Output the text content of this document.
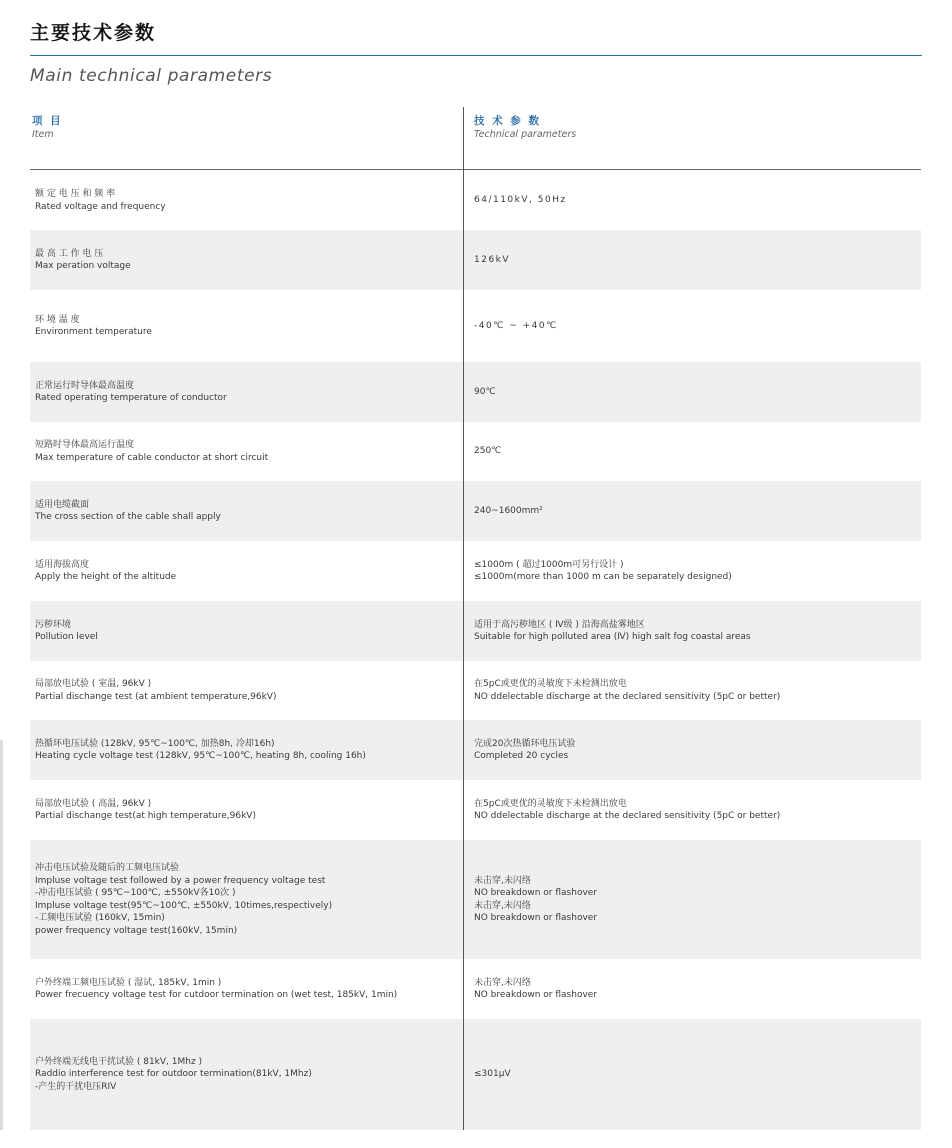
主要技术参数
Main technical parameters
项 目
Item
技 术 参 数
Technical parameters
额 定 电 压 和 频 率
Rated voltage and frequency
64/110kV, 50Hz
最 高 工 作 电 压
Max peration voltage
126kV
环 境 温 度
Environment temperature
-40℃ ~ +40℃
正常运行时导体最高温度
Rated operating temperature of conductor
90℃
短路时导体最高运行温度
Max temperature of cable conductor at short circuit
250℃
适用电缆截面
The cross section of the cable shall apply
240~1600mm²
适用海拔高度
Apply the height of the altitude
≤1000m ( 超过1000m可另行设计 )
≤1000m(more than 1000 m can be separately designed)
污秽环境
Pollution level
适用于高污秽地区 ( Ⅳ级 ) 沿海高盐雾地区
Suitable for high polluted area (Ⅳ) high salt fog coastal areas
局部放电试验 ( 室温, 96kV )
Partial dischange test (at ambient temperature,96kV)
在5pC或更优的灵敏度下未检测出放电
NO ddelectable discharge at the declared sensitivity (5pC or better)
热循环电压试验 (128kV, 95℃~100℃, 加热8h, 冷却16h)
Heating cycle voltage test (128kV, 95℃~100℃, heating 8h, cooling 16h)
完成20次热循环电压试验
Completed 20 cycles
局部放电试验 ( 高温, 96kV )
Partial dischange test(at high temperature,96kV)
在5pC或更优的灵敏度下未检测出放电
NO ddelectable discharge at the declared sensitivity (5pC or better)
冲击电压试验及随后的工频电压试验
Impluse voltage test followed by a power frequency voltage test
-冲击电压试验 ( 95℃~100℃, ±550kV各10次 )
Impluse voltage test(95℃~100℃, ±550kV, 10times,respectively)
-工频电压试验 (160kV, 15min)
power frequency voltage test(160kV, 15min)
未击穿,未闪络
NO breakdown or flashover
未击穿,未闪络
NO breakdown or flashover
户外终端工频电压试验 ( 湿试, 185kV, 1min )
Power frecuency voltage test for cutdoor termination on (wet test, 185kV, 1min)
未击穿,未闪络
NO breakdown or flashover
户外终端无线电干扰试验 ( 81kV, 1Mhz )
Raddio interference test for outdoor termination(81kV, 1Mhz)
-产生的干扰电压RIV
≤301μV
